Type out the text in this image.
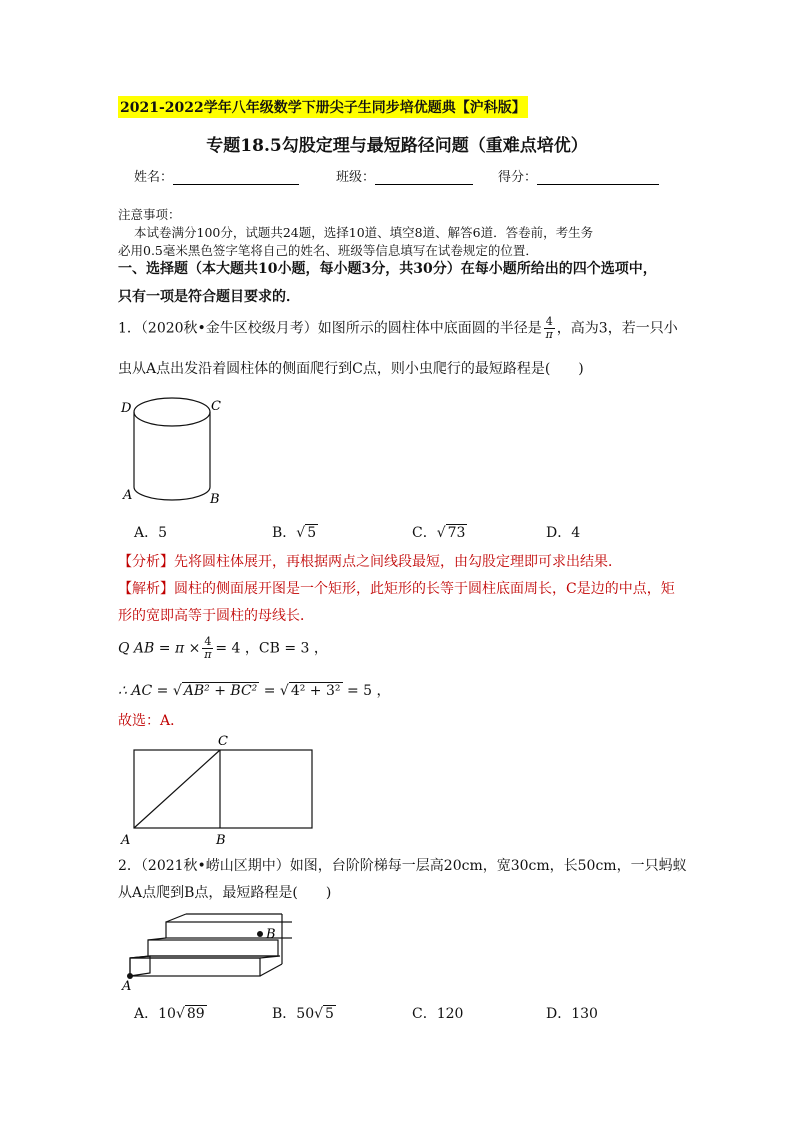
2021-2022学年八年级数学下册尖子生同步培优题典【沪科版】
专题18.5勾股定理与最短路径问题（重难点培优）
姓名：	班级：	得分：
注意事项：
本试卷满分100分，试题共24题，选择10道、填空8道、解答6道．答卷前，考生务
必用0.5毫米黑色签字笔将自己的姓名、班级等信息填写在试卷规定的位置．
一、选择题（本大题共10小题，每小题3分，共30分）在每小题所给出的四个选项中，
只有一项是符合题目要求的．
1．（2020秋•金牛区校级月考）如图所示的圆柱体中底面圆的半径是 $\frac{4}{\pi}$ ，高为3，若一只小
虫从A点出发沿着圆柱体的侧面爬行到C点，则小虫爬行的最短路程是(　　)
D	C
A	B
A．5	B．√ 5	C．√ 73	D．4
【分析】先将圆柱体展开，再根据两点之间线段最短，由勾股定理即可求出结果．
【解析】圆柱的侧面展开图是一个矩形，此矩形的长等于圆柱底面周长，C是边的中点，矩
形的宽即高等于圆柱的母线长．
Q AB = $\pi \times \frac{4}{\pi} = 4$ ，CB = 3 ，
∴ AC = √ AB² + BC² = √ 4² + 3² = 5 ，
故选：A．
C
A	B
2．（2021秋•崂山区期中）如图，台阶阶梯每一层高20cm，宽30cm，长50cm，一只蚂蚁
从A点爬到B点，最短路程是(　　)
A
B
A．10√ 89	B．50√ 5	C．120	D．130
